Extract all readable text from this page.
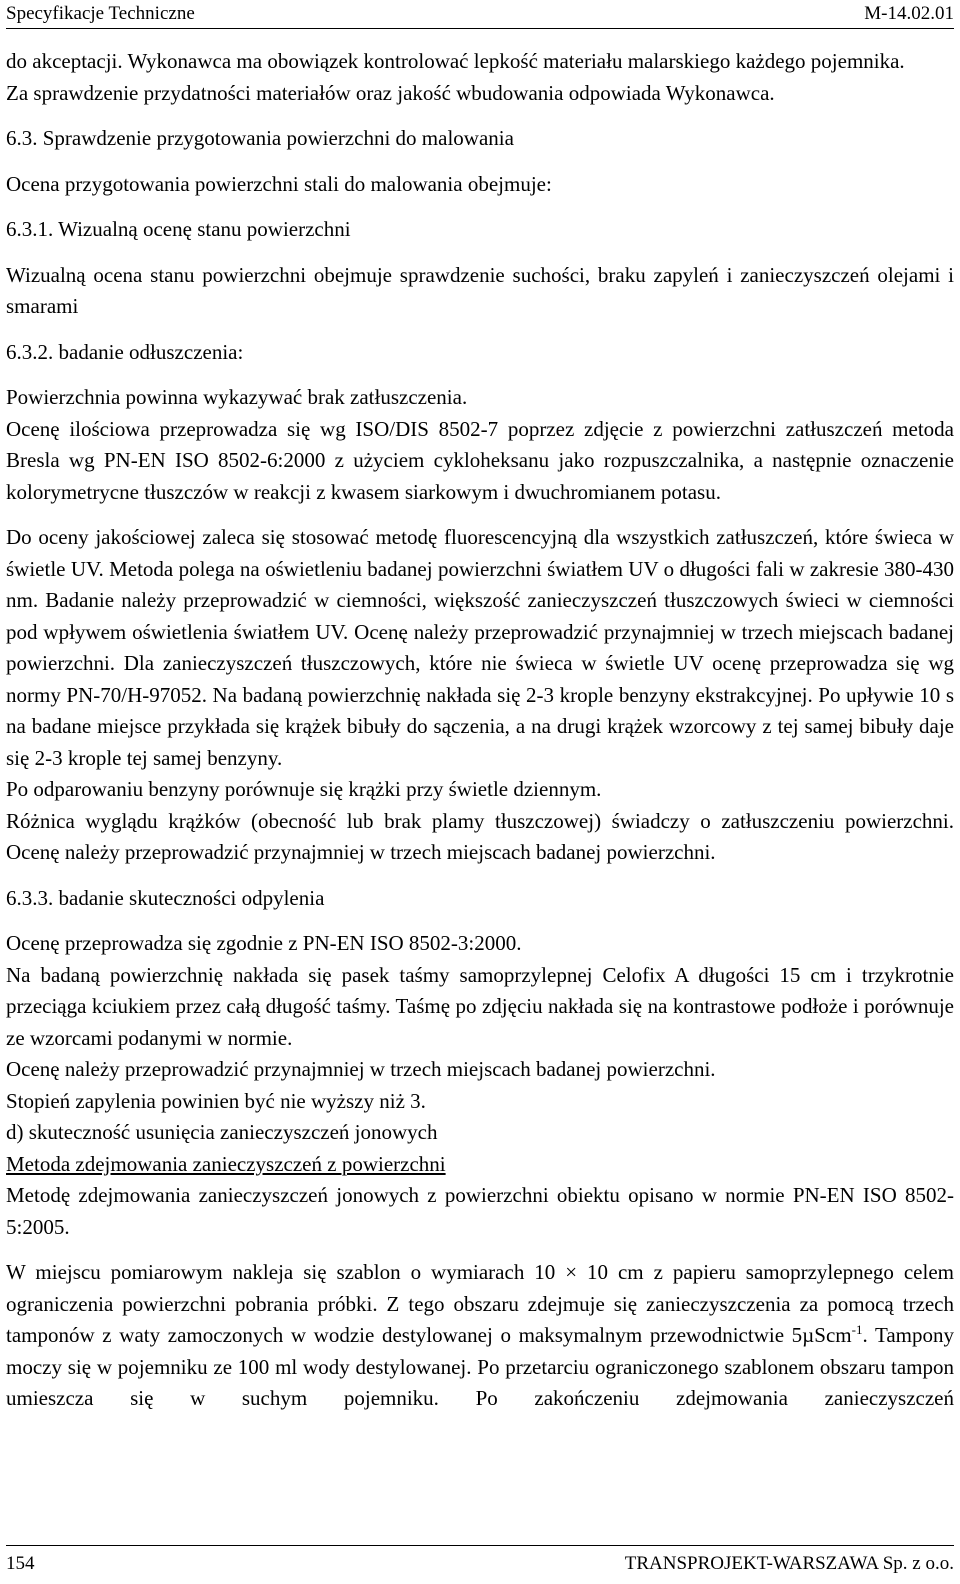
Specyfikacje Techniczne	M-14.02.01

do akceptacji. Wykonawca ma obowiązek kontrolować lepkość materiału malarskiego każdego pojemnika.

Za sprawdzenie przydatności materiałów oraz jakość wbudowania odpowiada Wykonawca.

6.3. Sprawdzenie przygotowania powierzchni do malowania

Ocena przygotowania powierzchni stali do malowania obejmuje:

6.3.1. Wizualną ocenę stanu powierzchni

Wizualną ocena stanu powierzchni obejmuje sprawdzenie suchości, braku zapyleń i zanieczyszczeń olejami i smarami

6.3.2. badanie odłuszczenia:

Powierzchnia powinna wykazywać brak zatłuszczenia.

Ocenę ilościowa przeprowadza się wg ISO/DIS 8502-7 poprzez zdjęcie z powierzchni zatłuszczeń metoda Bresla wg PN-EN ISO 8502-6:2000 z użyciem cykloheksanu jako rozpuszczalnika, a następnie oznaczenie kolorymetrycne tłuszczów w reakcji z kwasem siarkowym i dwuchromianem potasu.

Do oceny jakościowej zaleca się stosować metodę fluorescencyjną dla wszystkich zatłuszczeń, które świeca w świetle UV. Metoda polega na oświetleniu badanej powierzchni światłem UV o długości fali w zakresie 380-430 nm. Badanie należy przeprowadzić w ciemności, większość zanieczyszczeń tłuszczowych świeci w ciemności pod wpływem oświetlenia światłem UV. Ocenę należy przeprowadzić przynajmniej w trzech miejscach badanej powierzchni. Dla zanieczyszczeń tłuszczowych, które nie świeca w świetle UV ocenę przeprowadza się wg normy PN-70/H-97052. Na badaną powierzchnię nakłada się 2-3 krople benzyny ekstrakcyjnej. Po upływie 10 s na badane miejsce przykłada się krążek bibuły do sączenia, a na drugi krążek wzorcowy z tej samej bibuły daje się 2-3 krople tej samej benzyny.

Po odparowaniu benzyny porównuje się krążki przy świetle dziennym.

Różnica wyglądu krążków (obecność lub brak plamy tłuszczowej) świadczy o zatłuszczeniu powierzchni. Ocenę należy przeprowadzić przynajmniej w trzech miejscach badanej powierzchni.

6.3.3. badanie skuteczności odpylenia

Ocenę przeprowadza się zgodnie z PN-EN ISO 8502-3:2000.

Na badaną powierzchnię nakłada się pasek taśmy samoprzylepnej Celofix A długości 15 cm i trzykrotnie przeciąga kciukiem przez całą długość taśmy. Taśmę po zdjęciu nakłada się na kontrastowe podłoże i porównuje ze wzorcami podanymi w normie.

Ocenę należy przeprowadzić przynajmniej w trzech miejscach badanej powierzchni.

Stopień zapylenia powinien być nie wyższy niż 3.

d) skuteczność usunięcia zanieczyszczeń jonowych

Metoda zdejmowania zanieczyszczeń z powierzchni

Metodę zdejmowania zanieczyszczeń jonowych z powierzchni obiektu opisano w normie PN-EN ISO 8502-5:2005.

W miejscu pomiarowym nakleja się szablon o wymiarach 10 × 10 cm z papieru samoprzylepnego celem ograniczenia powierzchni pobrania próbki. Z tego obszaru zdejmuje się zanieczyszczenia za pomocą trzech tamponów z waty zamoczonych w wodzie destylowanej o maksymalnym przewodnictwie 5µScm$^{-1}$. Tampony moczy się w pojemniku ze 100 ml wody destylowanej. Po przetarciu ograniczonego szablonem obszaru tampon umieszcza się w suchym pojemniku. Po zakończeniu zdejmowania zanieczyszczeń

154	TRANSPROJEKT-WARSZAWA Sp. z o.o.
